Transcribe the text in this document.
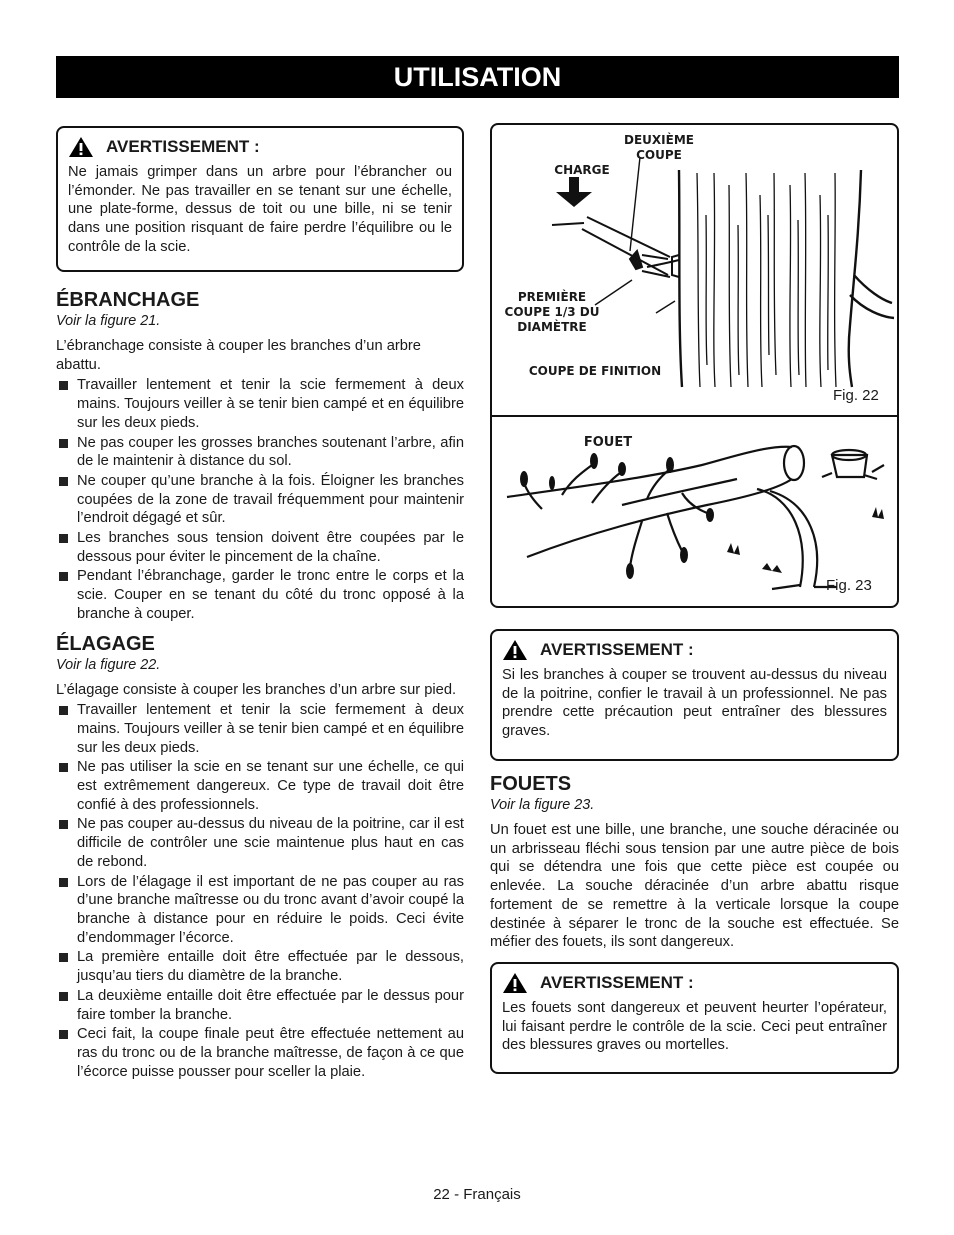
UTILISATION
AVERTISSEMENT :
Ne jamais grimper dans un arbre pour l’ébrancher ou l’émonder. Ne pas travailler en se tenant sur une échelle, une plate-forme, dessus de toit ou une bille, ni se tenir dans une position risquant de faire perdre l’équilibre ou le contrôle de la scie.
ÉBRANCHAGE
Voir la figure 21.

L’ébranchage consiste à couper les branches d’un arbre abattu.

Travailler lentement et tenir la scie fermement à deux mains. Toujours veiller à se tenir bien campé et en équilibre sur les deux pieds.
Ne pas couper les grosses branches soutenant l’arbre, afin de le maintenir à distance du sol.
Ne couper qu’une branche à la fois. Éloigner les branches coupées de la zone de travail fréquemment pour maintenir l’endroit dégagé et sûr.
Les branches sous tension doivent être coupées par le dessous pour éviter le pincement de la chaîne.
Pendant l’ébranchage, garder le tronc entre le corps et la scie. Couper en se tenant du côté du tronc opposé à la branche à couper.
ÉLAGAGE
Voir la figure 22.

L’élagage consiste à couper les branches d’un arbre sur pied.

Travailler lentement et tenir la scie fermement à deux mains. Toujours veiller à se tenir bien campé et en équilibre sur les deux pieds.
Ne pas utiliser la scie en se tenant sur une échelle, ce qui est extrêmement dangereux. Ce type de travail doit être confié à des professionnels.
Ne pas couper au-dessus du niveau de la poitrine, car il est difficile de contrôler une scie maintenue plus haut en cas de rebond.
Lors de l’élagage il est important de ne pas couper au ras d’une branche maîtresse ou du tronc avant d’avoir coupé la branche à distance pour en réduire le poids. Ceci évite d’endommager l’écorce.
La première entaille doit être effectuée par le dessous, jusqu’au tiers du diamètre de la branche.
La deuxième entaille doit être effectuée par le dessus pour faire tomber la branche.
Ceci fait, la coupe finale peut être effectuée nettement au ras du tronc ou de la branche maîtresse, de façon à ce que l’écorce puisse pousser pour sceller la plaie.
DEUXIÈME COUPE
CHARGE
PREMIÈRE COUPE 1/3 DU DIAMÈTRE
COUPE DE FINITION
Fig. 22
FOUET
Fig. 23
AVERTISSEMENT :
Si les branches à couper se trouvent au-dessus du niveau de la poitrine, confier le travail à un professionnel. Ne pas prendre cette précaution peut entraîner des blessures graves.
FOUETS
Voir la figure 23.

Un fouet est une bille, une branche, une souche déracinée ou un arbrisseau fléchi sous tension par une autre pièce de bois qui se détendra une fois que cette pièce est coupée ou enlevée. La souche déracinée d’un arbre abattu risque fortement de se remettre à la verticale lorsque la coupe destinée à séparer le tronc de la souche est effectuée. Se méfier des fouets, ils sont dangereux.

AVERTISSEMENT :
Les fouets sont dangereux et peuvent heurter l’opérateur, lui faisant perdre le contrôle de la scie. Ceci peut entraîner des blessures graves ou mortelles.
22 - Français
